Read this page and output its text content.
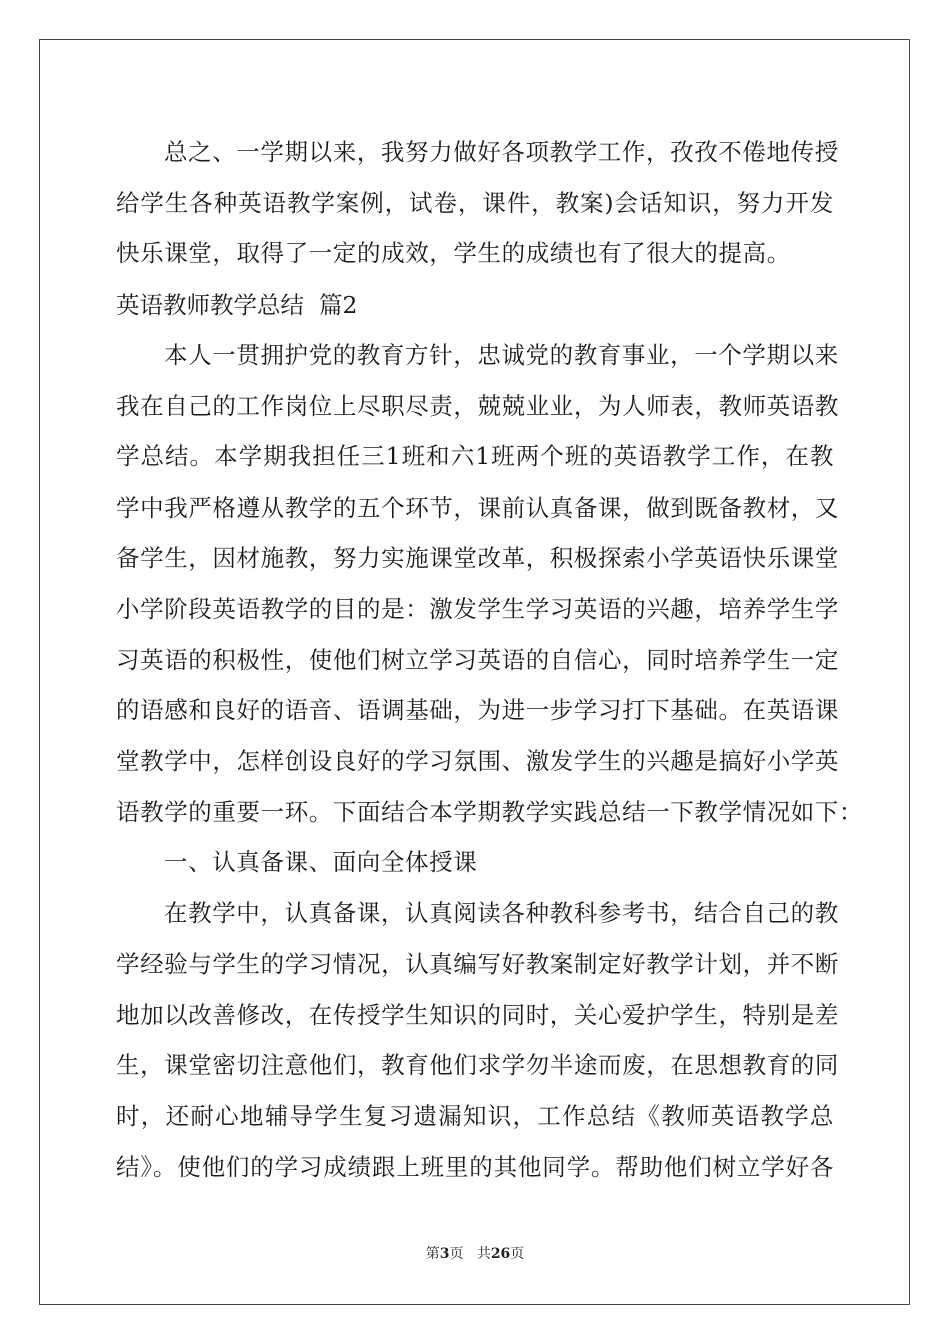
总之、一学期以来，我努力做好各项教学工作，孜孜不倦地传授
给学生各种英语教学案例，试卷，课件，教案)会话知识，努力开发
快乐课堂，取得了一定的成效，学生的成绩也有了很大的提高。
英语教师教学总结  篇2
本人一贯拥护党的教育方针，忠诚党的教育事业，一个学期以来
我在自己的工作岗位上尽职尽责，兢兢业业，为人师表，教师英语教
学总结。本学期我担任三1班和六1班两个班的英语教学工作，在教
学中我严格遵从教学的五个环节，课前认真备课，做到既备教材，又
备学生，因材施教，努力实施课堂改革，积极探索小学英语快乐课堂
小学阶段英语教学的目的是：激发学生学习英语的兴趣，培养学生学
习英语的积极性，使他们树立学习英语的自信心，同时培养学生一定
的语感和良好的语音、语调基础，为进一步学习打下基础。在英语课
堂教学中，怎样创设良好的学习氛围、激发学生的兴趣是搞好小学英
语教学的重要一环。下面结合本学期教学实践总结一下教学情况如下：
一、认真备课、面向全体授课
在教学中，认真备课，认真阅读各种教科参考书，结合自己的教
学经验与学生的学习情况，认真编写好教案制定好教学计划，并不断
地加以改善修改，在传授学生知识的同时，关心爱护学生，特别是差
生，课堂密切注意他们，教育他们求学勿半途而废，在思想教育的同
时，还耐心地辅导学生复习遗漏知识，工作总结《教师英语教学总
结》。使他们的学习成绩跟上班里的其他同学。帮助他们树立学好各
第3页 共26页
